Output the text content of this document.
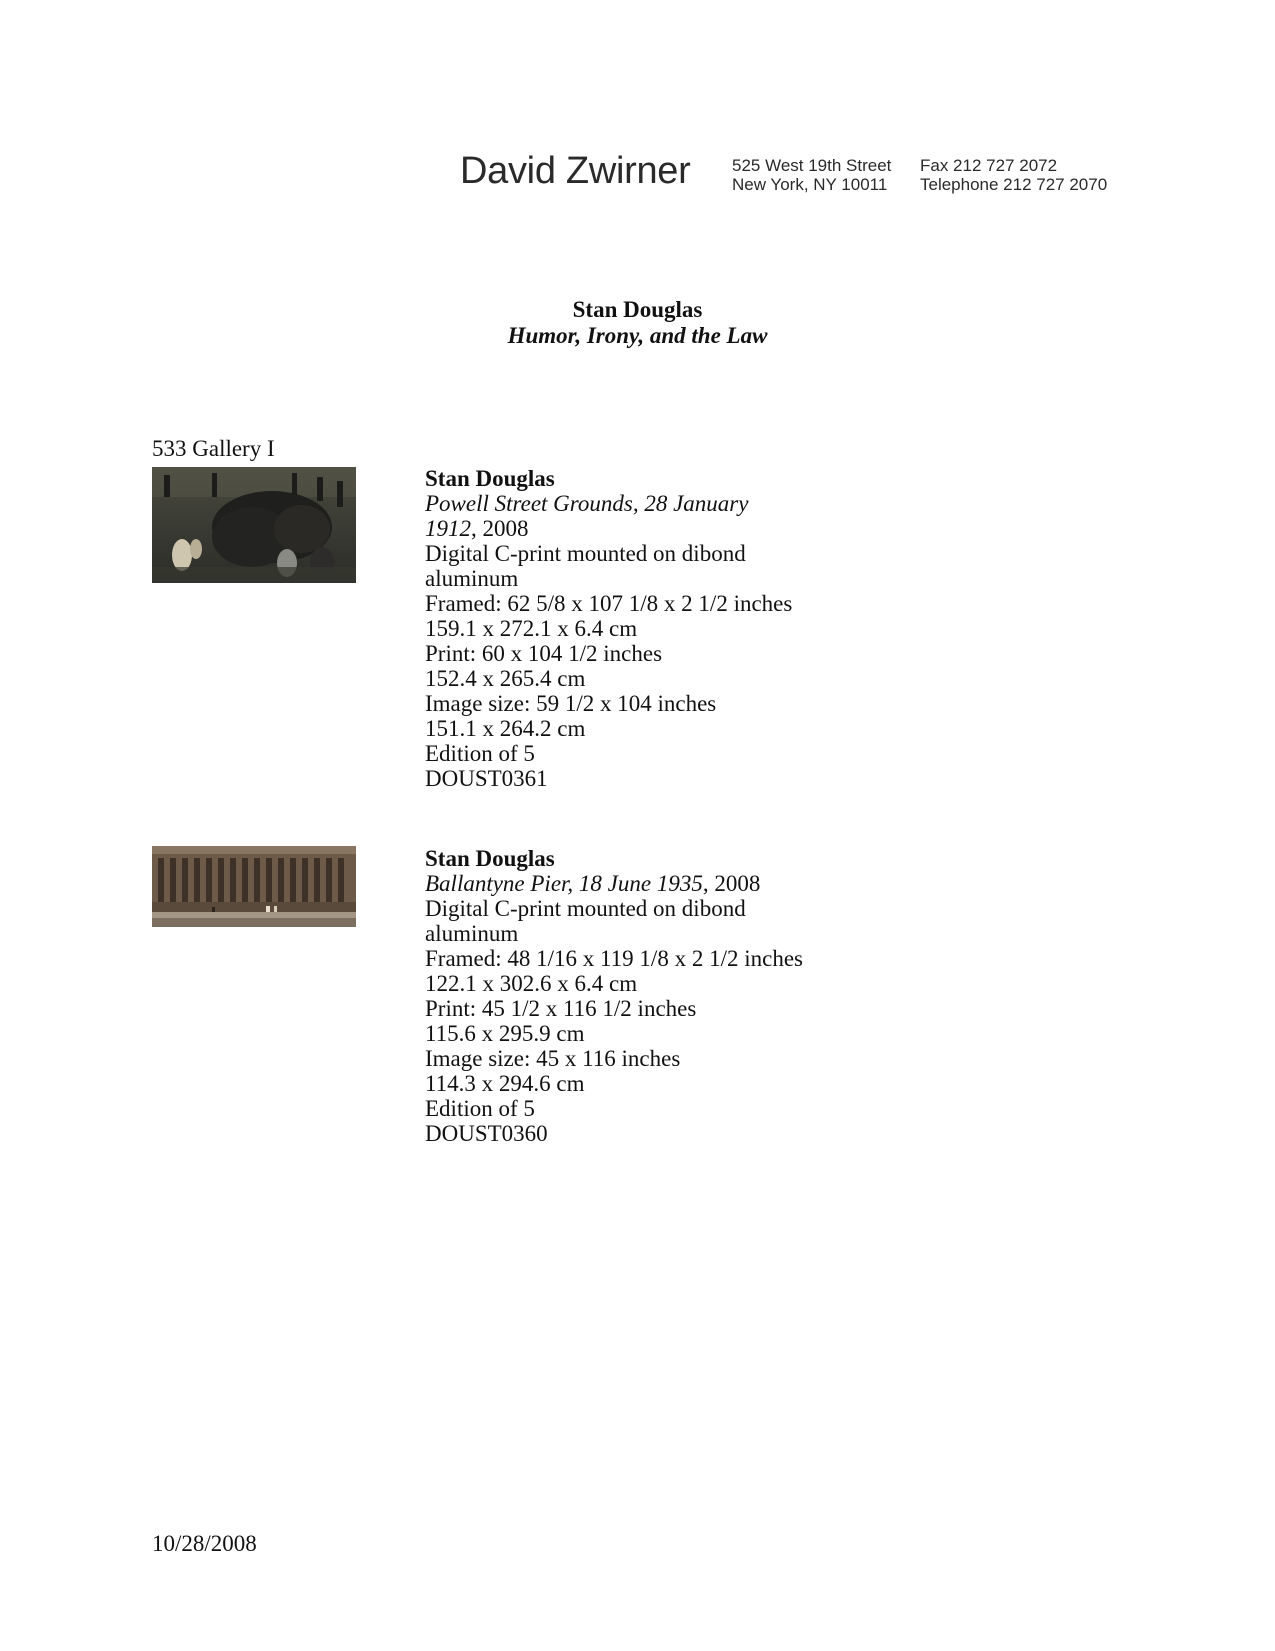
David Zwirner 525 West 19th Street
New York, NY 10011
Fax 212 727 2072
Telephone 212 727 2070
Stan Douglas
Humor, Irony, and the Law
533 Gallery I
Stan Douglas
Powell Street Grounds, 28 January 1912, 2008
Digital C-print mounted on dibond aluminum
Framed: 62 5/8 x 107 1/8 x 2 1/2 inches
159.1 x 272.1 x 6.4 cm
Print: 60 x 104 1/2 inches
152.4 x 265.4 cm
Image size: 59 1/2 x 104 inches
151.1 x 264.2 cm
Edition of 5
DOUST0361
Stan Douglas
Ballantyne Pier, 18 June 1935, 2008
Digital C-print mounted on dibond aluminum
Framed: 48 1/16 x 119 1/8 x 2 1/2 inches
122.1 x 302.6 x 6.4 cm
Print: 45 1/2 x 116 1/2 inches
115.6 x 295.9 cm
Image size: 45 x 116 inches
114.3 x 294.6 cm
Edition of 5
DOUST0360
10/28/2008
